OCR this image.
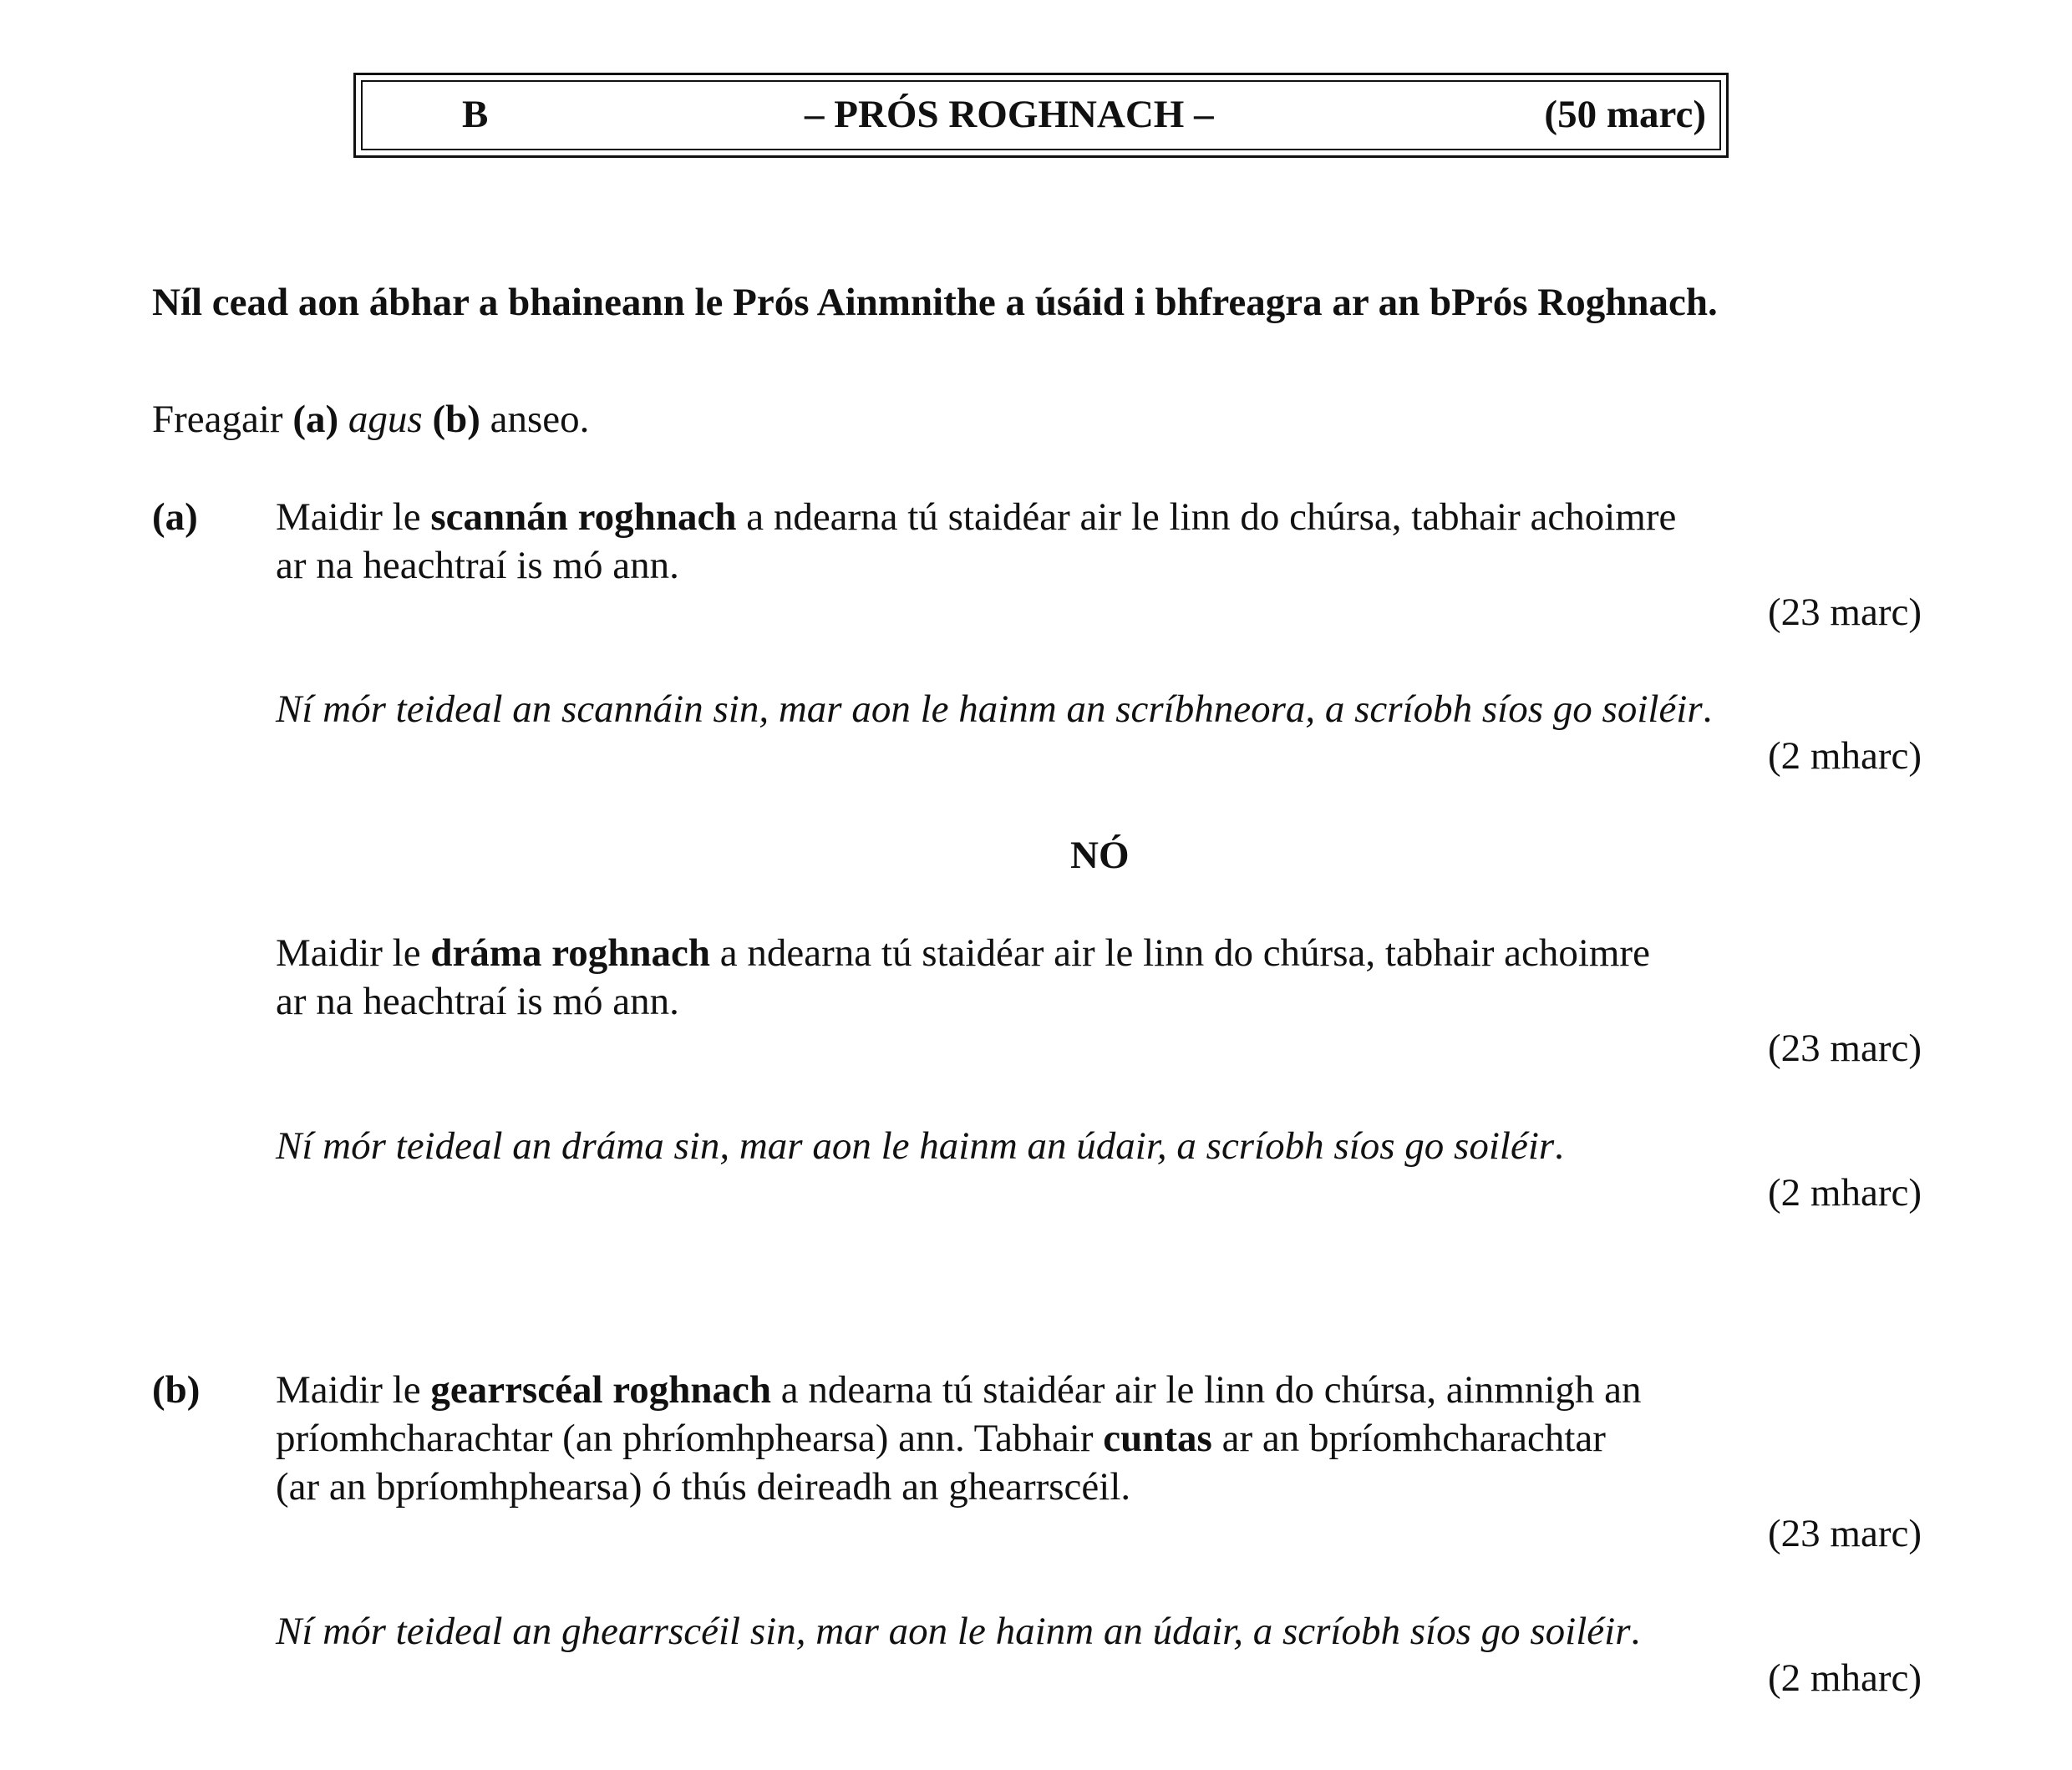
B	– PRÓS ROGHNACH –	(50 marc)
Níl cead aon ábhar a bhaineann le Prós Ainmnithe a úsáid i bhfreagra ar an bPrós Roghnach.
Freagair (a) agus (b) anseo.
(a) Maidir le scannán roghnach a ndearna tú staidéar air le linn do chúrsa, tabhair achoimre
ar na heachtraí is mó ann.
(23 marc)
Ní mór teideal an scannáin sin, mar aon le hainm an scríbhneora, a scríobh síos go soiléir.
(2 mharc)
NÓ
Maidir le dráma roghnach a ndearna tú staidéar air le linn do chúrsa, tabhair achoimre
ar na heachtraí is mó ann.
(23 marc)
Ní mór teideal an dráma sin, mar aon le hainm an údair, a scríobh síos go soiléir.
(2 mharc)
(b) Maidir le gearrscéal roghnach a ndearna tú staidéar air le linn do chúrsa, ainmnigh an
príomhcharachtar (an phríomhphearsa) ann. Tabhair cuntas ar an bpríomhcharachtar
(ar an bpríomhphearsa) ó thús deireadh an ghearrscéil.
(23 marc)
Ní mór teideal an ghearrscéil sin, mar aon le hainm an údair, a scríobh síos go soiléir.
(2 mharc)
